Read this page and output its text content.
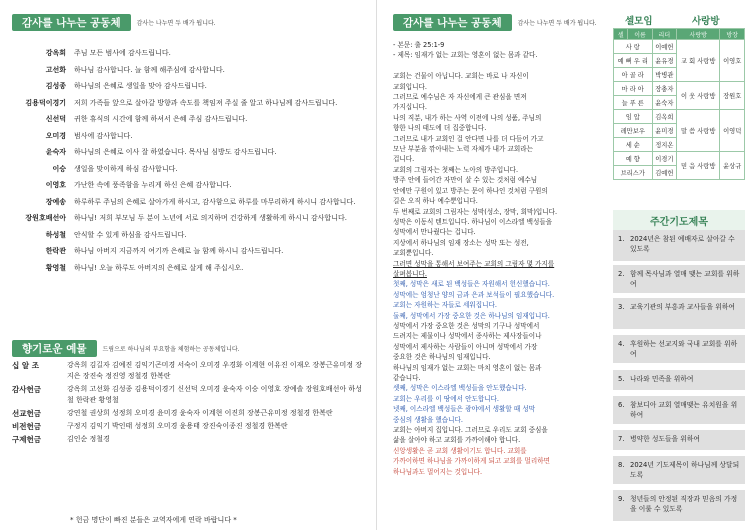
감사를 나누는 공동체	감사는 나누면 두 배가 됩니다.
강옥희	주님 모든 범사에 감사드립니다.
고선화	하나님 감사합니다. 늘 함께 해주심에 감사합니다.
김성종	하나님의 은혜로 생일을 맞아 감사드립니다.
김용덕이경기	저희 가족들 앞으로 살아갈 방향과 속도를 책임져 주실 줄 알고 하나님께 감사드립니다.
신선덕	귀한 휴식의 시간에 함께 하셔서 은혜 주심 감사드립니다.
오미경	범사에 감사합니다.
윤숙자	하나님의 은혜로 이사 잘 하였습니다. 목사님 심방도 감사드립니다.
이승	생일을 맞이하게 하심 감사합니다.
이영호	가난한 속에 풍족함을 누리게 하신 은혜 감사합니다.
장예송	하루하루 주님의 은혜로 살아가게 하시고, 감사함으로 하루를 마무리하게 하시니 감사합니다.
장원호배선아	하나님! 저희 부모님 두 분이 노년에 서로 의지하며 건강하게 생활하게 하시니 감사합니다.
하성철	안식할 수 있게 하심을 감사드립니다.
한락관	하나님 아버지 지금까지 여기까 은혜로 늘 함께 하시니 감사드립니다.
황영철	하나님! 오늘 하루도 아버지의 은혜로 살게 해 주십시오.
향기로운 예물	드림으로 하나님의 부요함을 체험하는 공동체입니다.
십 알 조	강옥희 김길자 김예진 김익기곤미경 서숙이 오미경 우경화 이계현 이유진 이재오 장봉근유미정 장지은 장진숙 정진영 정철경 한복란
감사헌금	강옥희 고선화 김성종 김용덕이경기 신선덕 오미경 윤숙자 이승 이영호 장예솔 장원호배선아 하성철 한락관 황영철
선교헌금	강연철 권상희 성정희 오미경 윤미경 윤숙자 이계현 이진희 장봉근유미정 정철경 한복란
비전헌금	구정지 김익기 박인태 성정희 오미경 윤용태 장진숙이종진 정철경 한복란
구제헌금	김인순 정철경
* 헌금 명단이 빠진 분들은 교역자에게 연락 바랍니다 *
감사를 나누는 공동체	감사는 나누면 두 배가 됩니다.
- 본문: 출 25:1-9
- 제목: 임재가 없는 교회는 영혼이 없는 몸과 같다.

교회는 건물이 아닙니다. 교회는 바로 나 자신이
교회입니다.
그러므로 예수님은 자 자신에게 큰 관심을 면져
가지십니다.
나의 직분, 내가 하는 사역 이전에 나의 성품, 주님의
향한 나의 태도에 더 집중합니다.
그러므로 내가 교회인 걸 안다면 나를 더 다듬어 가고
모난 부분을 깎아내는 노력 자체가 내가 교회라는
겁니다.
교회의 그림자는 첫째는 노아의 방주입니다.
방주 안에 들어간 자만이 살 수 있는 것처럼 예수님
안에만 구원이 있고 방주는 문이 하나인 것처럼 구원의
길은 오직 하나 예수뿐입니다.
두 번째로 교회의 그림자는 성막(성소, 장막, 회막)입니다.
성막은 이동식 텐트입니다. 하나님이 이스라엘 백성들을
성막에서 만나줬다는 겁니다.
지상에서 하나님의 임재 장소는 성막 또는 성전,
교회뿐입니다.
그러면 성막을 통해서 보여주는 교회의 그림자 몇 가지를
살펴봅니다.
첫째, 성막은 새로 된 백성들은 자원해서 헌신했습니다.
성막에는 엄청난 양의 금과 은과 보석들이 필요했습니다.
교회는 자원하는 자들로 세워집니다.
둘째, 성막에서 가장 중요한 것은 하나님의 임재입니다.
성막에서 가장 중요한 것은 성막의 기구나 성막에서
드려지는 제물이나 성막에서 종사하는 제사장들이나
성막에서 제사하는 사람들이 아니며 성막에서 가장
중요한 것은 하나님의 임재입니다.
하나님의 임재가 없는 교회는 마치 영혼이 없는 몸과
같습니다.
셋째, 성막은 이스라엘 백성들을 안도했습니다.
교회는 우리를 이 땅에서 안도합니다.
넷째, 이스라엘 백성들은 광야에서 생활할 때 성막
중심의 생활을 했습니다.
교회는 아버지 집입니다. 그러므로 우리도 교회 중심을
삶을 살아야 하고 교회를 가까이해야 합니다.
신앙생활은 곧 교회 생활이기도 합니다. 교회를
가까이하면 하나님을 가까이하게 되고 교회를 멀리하면
하나님과도 멀어지는 것입니다.
셀모임	사랑방
셀	이름	리더	사랑방	방장
사 랑		이예헌	교 회 사랑방	이영호
예 뻐 우 리		윤유경		
아 골 라		박병관		
마 라 아		장충자	이 웃 사랑방	장원호
늘 푸 른		윤숙자		
임 압		김옥희	말 씀 사랑방	이영덕
레만보우		윤미경		
세 순		정지온		
예 향		이경기	믿 음 사랑방	윤상규
브리스가		김예헌		
주간기도제목
1. 2024년은 참된 예배자로 살아갈 수 있도록
2. 함께 목사님과 열매 맺는 교회를 위하여
3. 교육기관의 부흥과 교사들을 위하여
4. 후원하는 선교지와 국내 교회를 위하여
5. 나라와 민족을 위하여
6. 참보디아 교회 열매맺는 유치원을 위하여
7. 병약한 성도들을 위하여
8. 2024년 기도제목이 하나님께 상달되도록
9. 청년들의 안정된 직장과 믿음의 가정을 이룰 수 있도록
